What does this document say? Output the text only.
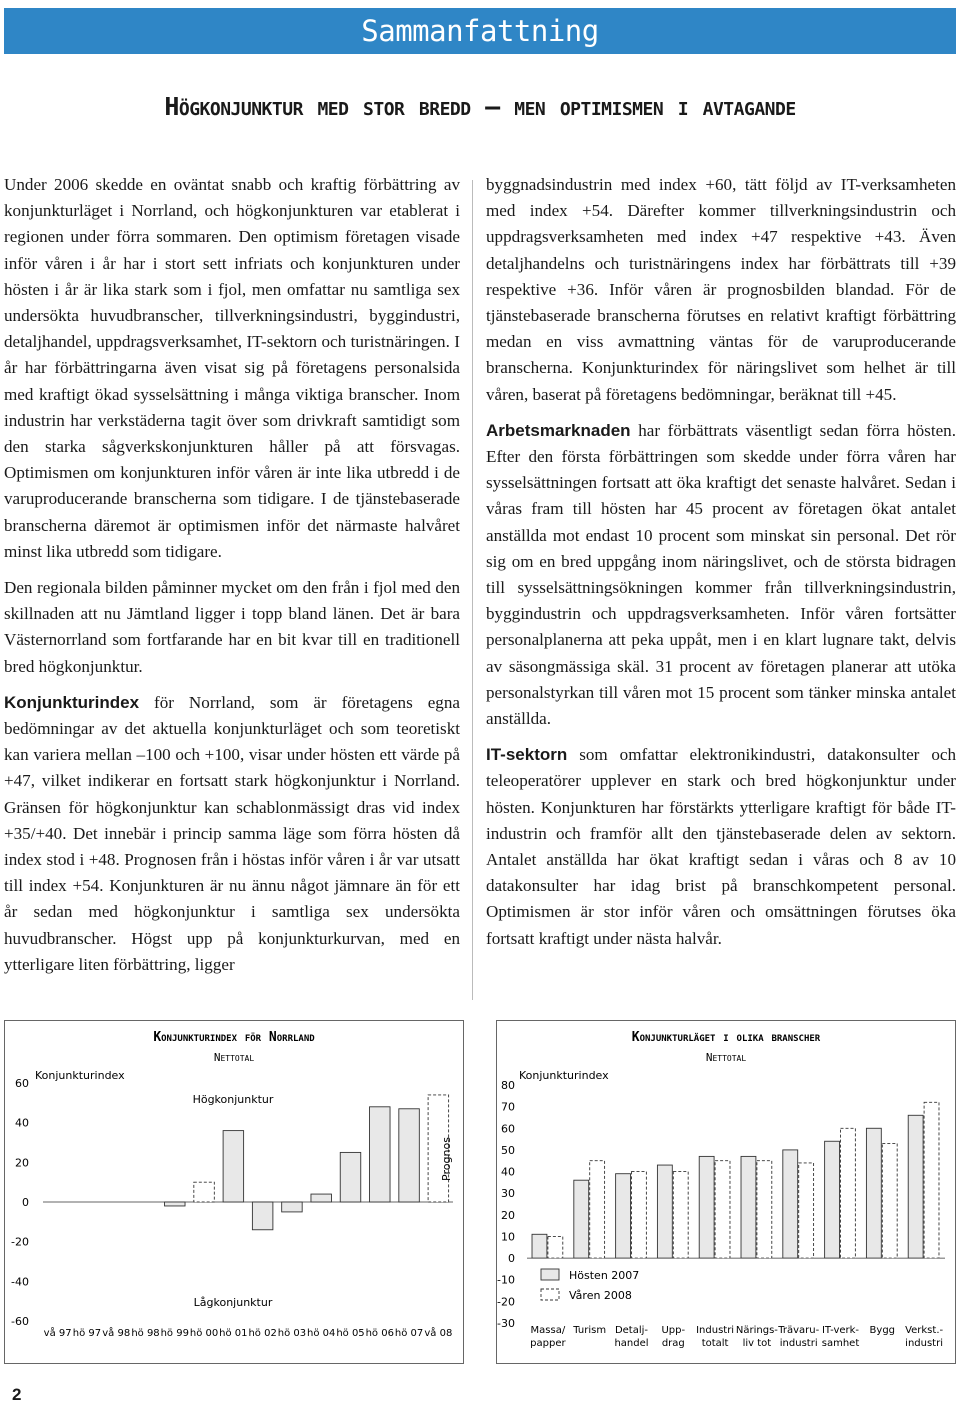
Sammanfattning
Högkonjunktur med stor bredd – men optimismen i avtagande

Under 2006 skedde en oväntat snabb och kraftig förbättring av konjunkturläget i Norrland, och högkonjunkturen var etablerat i regionen under förra sommaren. Den optimism företagen visade inför våren i år har i stort sett infriats och konjunkturen under hösten i år är lika stark som i fjol, men omfattar nu samtliga sex undersökta huvudbranscher, tillverkningsindustri, byggindustri, detaljhandel, uppdragsverksamhet, IT-sektorn och turistnäringen. I år har förbättringarna även visat sig på företagens personalsida med kraftigt ökad sysselsättning i många viktiga branscher. Inom industrin har verkstäderna tagit över som drivkraft samtidigt som den starka sågverkskonjunkturen håller på att försvagas. Optimismen om konjunkturen inför våren är inte lika utbredd i de varuproducerande branscherna som tidigare. I de tjänstebaserade branscherna däremot är optimismen inför det närmaste halvåret minst lika utbredd som tidigare.

Den regionala bilden påminner mycket om den från i fjol med den skillnaden att nu Jämtland ligger i topp bland länen. Det är bara Västernorrland som fortfarande har en bit kvar till en traditionell bred högkonjunktur.

Konjunkturindex för Norrland, som är företagens egna bedömningar av det aktuella konjunkturläget och som teoretiskt kan variera mellan –100 och +100, visar under hösten ett värde på +47, vilket indikerar en fortsatt stark högkonjunktur i Norrland. Gränsen för högkonjunktur kan schablonmässigt dras vid index +35/+40. Det innebär i princip samma läge som förra hösten då index stod i +48. Prognosen från i höstas inför våren i år var utsatt till index +54. Konjunkturen är nu ännu något jämnare än för ett år sedan med högkonjunktur i samtliga sex undersökta huvudbranscher. Högst upp på konjunkturkurvan, med en ytterligare liten förbättring, ligger

byggnadsindustrin med index +60, tätt följd av IT-verksamheten med index +54. Därefter kommer tillverkningsindustrin och uppdragsverksamheten med index +47 respektive +43. Även detaljhandelns och turistnäringens index har förbättrats till +39 respektive +36. Inför våren är prognosbilden blandad. För de tjänstebaserade branscherna förutses en relativt kraftigt förbättring medan en viss avmattning väntas för de varuproducerande branscherna. Konjunkturindex för näringslivet som helhet är till våren, baserat på företagens bedömningar, beräknat till +45.

Arbetsmarknaden har förbättrats väsentligt sedan förra hösten. Efter den första förbättringen som skedde under förra våren har sysselsättningen fortsatt att öka kraftigt det senaste halvåret. Sedan i våras fram till hösten har 45 procent av företagen ökat antalet anställda mot endast 10 procent som minskat sin personal. Det rör sig om en bred uppgång inom näringslivet, och de största bidragen till sysselsättningsökningen kommer från tillverkningsindustrin, byggindustrin och uppdragsverksamheten. Inför våren fortsätter personalplanerna att peka uppåt, men i en klart lugnare takt, delvis av säsongmässiga skäl. 31 procent av företagen planerar att utöka personalstyrkan till våren mot 15 procent som tänker minska antalet anställda.

IT-sektorn som omfattar elektronikindustri, datakonsulter och teleoperatörer upplever en stark och bred högkonjunktur under hösten. Konjunkturen har förstärkts ytterligare kraftigt för både IT-industrin och framför allt den tjänstebaserade delen av sektorn. Antalet anställda har ökat kraftigt sedan i våras och 8 av 10 datakonsulter har idag brist på branschkompetent personal. Optimismen är stor inför våren och omsättningen förutses öka fortsatt kraftigt under nästa halvår.

Konjunkturindex för Norrland
Nettotal
Konjunkturindex
60
40
20
0
-20
-40
-60
vå 97 hö 97 vå 98 hö 98 hö 99 hö 00 hö 01 hö 02 hö 03 hö 04 hö 05 hö 06 hö 07 vå 08
Högkonjunktur
Lågkonjunktur
Prognos
Konjunkturläget i olika branscher
Nettotal
Konjunkturindex
80
70
60
50
40
30
20
10
0
-10
-20
-30
Massa/
papper
Turism Detalj-
handel
Upp-
drag
Industri
totalt
Närings-
liv tot
Trävaru-
industri
IT-verk-
samhet
Bygg Verkst.-
industri
Hösten 2007
Våren 2008
2
